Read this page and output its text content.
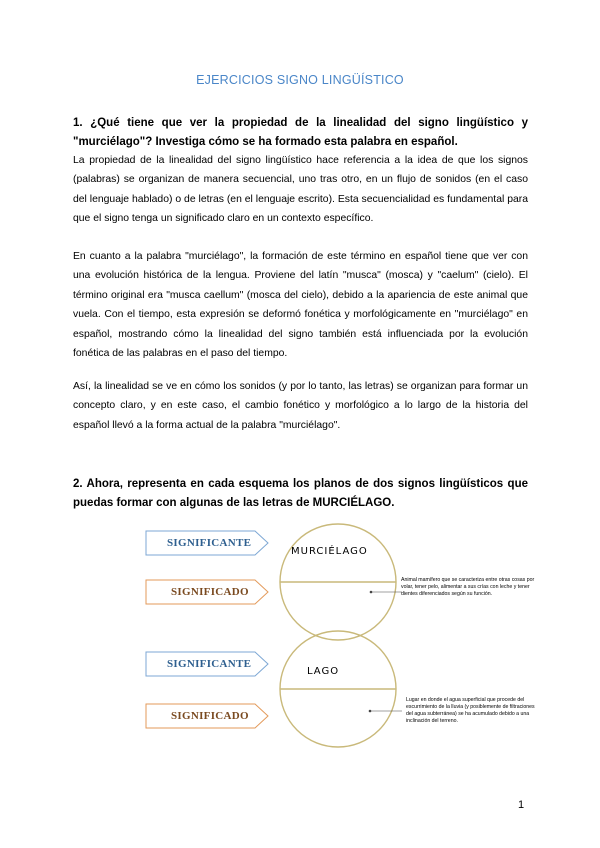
EJERCICIOS SIGNO LINGÜÍSTICO
1. ¿Qué tiene que ver la propiedad de la linealidad del signo lingüístico y "murciélago"? Investiga cómo se ha formado esta palabra en español.
La propiedad de la linealidad del signo lingüístico hace referencia a la idea de que los signos (palabras) se organizan de manera secuencial, uno tras otro, en un flujo de sonidos (en el caso del lenguaje hablado) o de letras (en el lenguaje escrito). Esta secuencialidad es fundamental para que el signo tenga un significado claro en un contexto específico.
En cuanto a la palabra "murciélago", la formación de este término en español tiene que ver con una evolución histórica de la lengua. Proviene del latín "musca" (mosca) y "caelum" (cielo). El término original era "musca caellum" (mosca del cielo), debido a la apariencia de este animal que vuela. Con el tiempo, esta expresión se deformó fonética y morfológicamente en "murciélago" en español, mostrando cómo la linealidad del signo también está influenciada por la evolución fonética de las palabras en el paso del tiempo.
Así, la linealidad se ve en cómo los sonidos (y por lo tanto, las letras) se organizan para formar un concepto claro, y en este caso, el cambio fonético y morfológico a lo largo de la historia del español llevó a la forma actual de la palabra "murciélago".
2. Ahora, representa en cada esquema los planos de dos signos lingüísticos que puedas formar con algunas de las letras de MURCIÉLAGO.
SIGNIFICANTE
SIGNIFICADO
MURCIÉLAGO
Animal mamífero que se caracteriza entre otras cosas por volar, tener pelo, alimentar a sus crías con leche y tener dientes diferenciados según su función.
SIGNIFICANTE
SIGNIFICADO
LAGO
Lugar en donde el agua superficial que procede del escurrimiento de la lluvia (y posiblemente de filtraciones del agua subterránea) se ha acumulado debido a una inclinación del terreno.
1
